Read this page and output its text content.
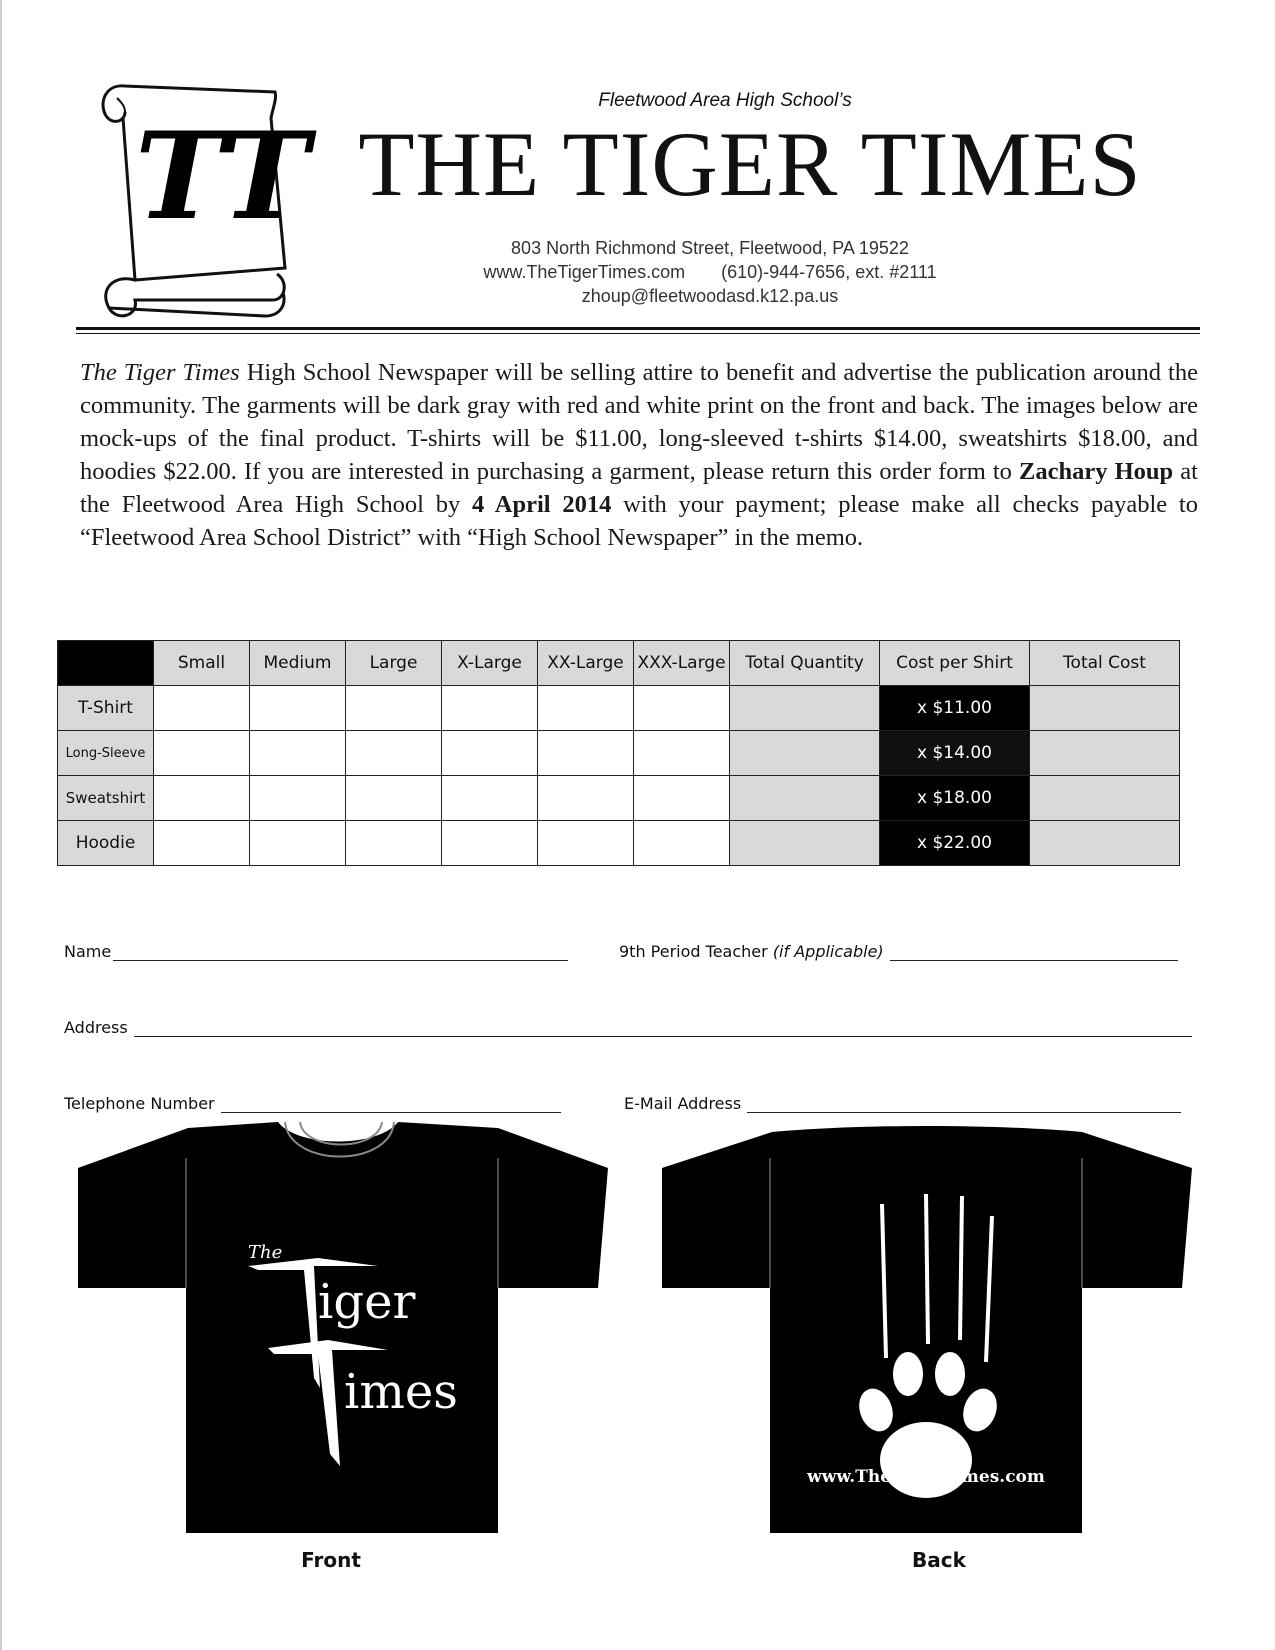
TT
Fleetwood Area High School’s
THE TIGER TIMES
803 North Richmond Street, Fleetwood, PA 19522
www.TheTigerTimes.com (610)-944-7656, ext. #2111
zhoup@fleetwoodasd.k12.pa.us
The Tiger Times High School Newspaper will be selling attire to benefit and advertise the publication around the community. The garments will be dark gray with red and white print on the front and back. The images below are mock-ups of the final product. T-shirts will be $11.00, long-sleeved t-shirts $14.00, sweatshirts $18.00, and hoodies $22.00. If you are interested in purchasing a garment, please return this order form to Zachary Houp at the Fleetwood Area High School by 4 April 2014 with your payment; please make all checks payable to “Fleetwood Area School District” with “High School Newspaper” in the memo.
	Small	Medium	Large	X-Large	XX-Large	XXX-Large	Total Quantity	Cost per Shirt	Total Cost
T-Shirt								x $11.00	
Long-Sleeve								x $14.00	
Sweatshirt								x $18.00	
Hoodie								x $22.00	
Name	9th Period Teacher
(if Applicable)
Address
Telephone Number	E-Mail Address
The
iger
imes
www.TheTigerTimes.com
Front	Back
